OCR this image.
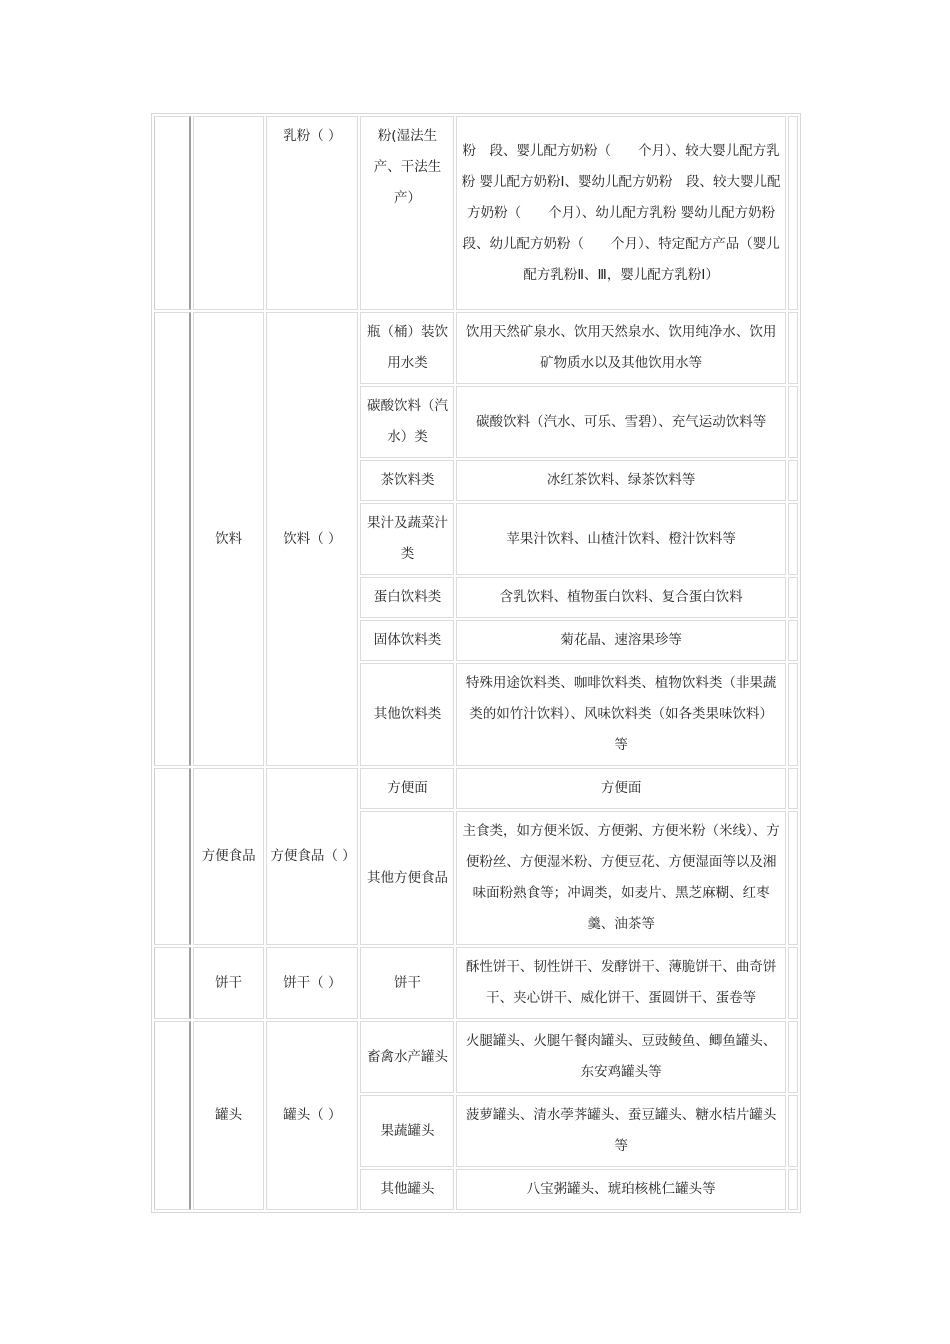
		乳粉（ ）	粉(湿法生产、干法生产）	粉　段、婴儿配方奶粉（　　个月）、较大婴儿配方乳粉 婴儿配方奶粉Ⅰ、婴幼儿配方奶粉　段、较大婴儿配方奶粉（　　个月）、幼儿配方乳粉 婴幼儿配方奶粉　段、幼儿配方奶粉（　　个月）、特定配方产品（婴儿配方乳粉Ⅱ、Ⅲ，婴儿配方乳粉Ⅰ）	
	饮料	饮料（ ）	瓶（桶）装饮用水类	饮用天然矿泉水、饮用天然泉水、饮用纯净水、饮用矿物质水以及其他饮用水等	
			碳酸饮料（汽水）类	碳酸饮料（汽水、可乐、雪碧）、充气运动饮料等	
			茶饮料类	冰红茶饮料、绿茶饮料等	
			果汁及蔬菜汁类	苹果汁饮料、山楂汁饮料、橙汁饮料等	
			蛋白饮料类	含乳饮料、植物蛋白饮料、复合蛋白饮料	
			固体饮料类	菊花晶、速溶果珍等	
			其他饮料类	特殊用途饮料类、咖啡饮料类、植物饮料类（非果蔬类的如竹汁饮料）、风味饮料类（如各类果味饮料） 等	
	方便食品	方便食品（ ）	方便面	方便面	
			其他方便食品	主食类，如方便米饭、方便粥、方便米粉（米线）、方便粉丝、方便湿米粉、方便豆花、方便湿面等以及湘味面粉熟食等；冲调类，如麦片、黑芝麻糊、红枣羹、油茶等	
	饼干	饼干（ ）	饼干	酥性饼干、韧性饼干、发酵饼干、薄脆饼干、曲奇饼干、夹心饼干、威化饼干、蛋圆饼干、蛋卷等	
	罐头	罐头（ ）	畜禽水产罐头	火腿罐头、火腿午餐肉罐头、豆豉鲮鱼、鲫鱼罐头、东安鸡罐头等	
			果蔬罐头	菠萝罐头、清水荸荠罐头、蚕豆罐头、糖水桔片罐头 等	
			其他罐头	八宝粥罐头、琥珀核桃仁罐头等	
